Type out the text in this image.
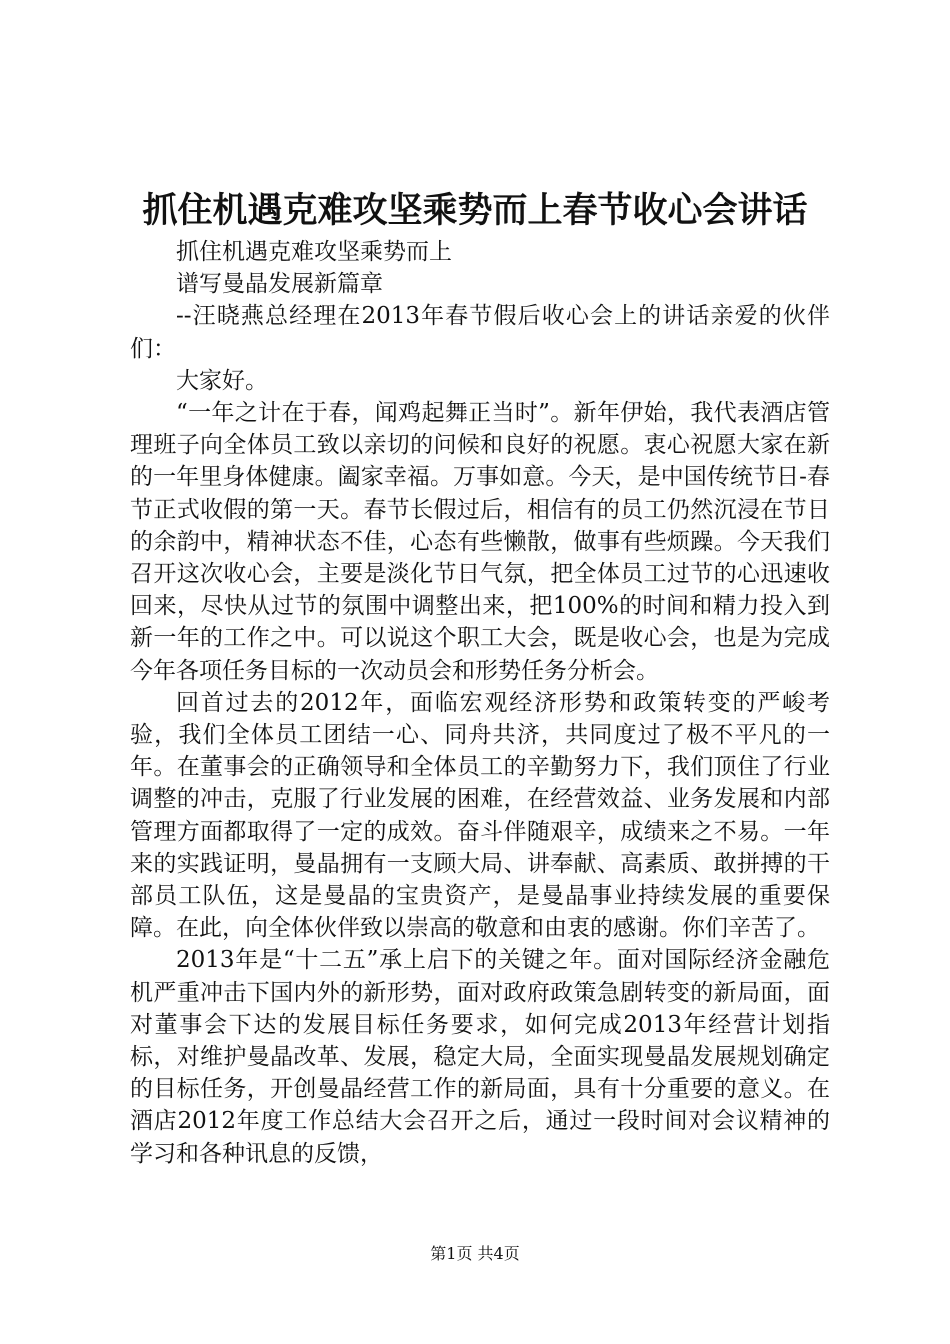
抓住机遇克难攻坚乘势而上春节收心会讲话

抓住机遇克难攻坚乘势而上

谱写曼晶发展新篇章

--汪晓燕总经理在2013年春节假后收心会上的讲话亲爱的伙伴们：

大家好。

“一年之计在于春，闻鸡起舞正当时”。新年伊始，我代表酒店管理班子向全体员工致以亲切的问候和良好的祝愿。衷心祝愿大家在新的一年里身体健康。阖家幸福。万事如意。今天，是中国传统节日-春节正式收假的第一天。春节长假过后，相信有的员工仍然沉浸在节日的余韵中，精神状态不佳，心态有些懒散，做事有些烦躁。今天我们召开这次收心会，主要是淡化节日气氛，把全体员工过节的心迅速收回来，尽快从过节的氛围中调整出来，把100%的时间和精力投入到新一年的工作之中。可以说这个职工大会，既是收心会，也是为完成今年各项任务目标的一次动员会和形势任务分析会。

回首过去的2012年，面临宏观经济形势和政策转变的严峻考验，我们全体员工团结一心、同舟共济，共同度过了极不平凡的一年。在董事会的正确领导和全体员工的辛勤努力下，我们顶住了行业调整的冲击，克服了行业发展的困难，在经营效益、业务发展和内部管理方面都取得了一定的成效。奋斗伴随艰辛，成绩来之不易。一年来的实践证明，曼晶拥有一支顾大局、讲奉献、高素质、敢拼搏的干部员工队伍，这是曼晶的宝贵资产，是曼晶事业持续发展的重要保障。在此，向全体伙伴致以崇高的敬意和由衷的感谢。你们辛苦了。

2013年是“十二五”承上启下的关键之年。面对国际经济金融危机严重冲击下国内外的新形势，面对政府政策急剧转变的新局面，面对董事会下达的发展目标任务要求，如何完成2013年经营计划指标，对维护曼晶改革、发展，稳定大局，全面实现曼晶发展规划确定的目标任务，开创曼晶经营工作的新局面，具有十分重要的意义。在酒店2012年度工作总结大会召开之后，通过一段时间对会议精神的学习和各种讯息的反馈，

第1页 共4页
